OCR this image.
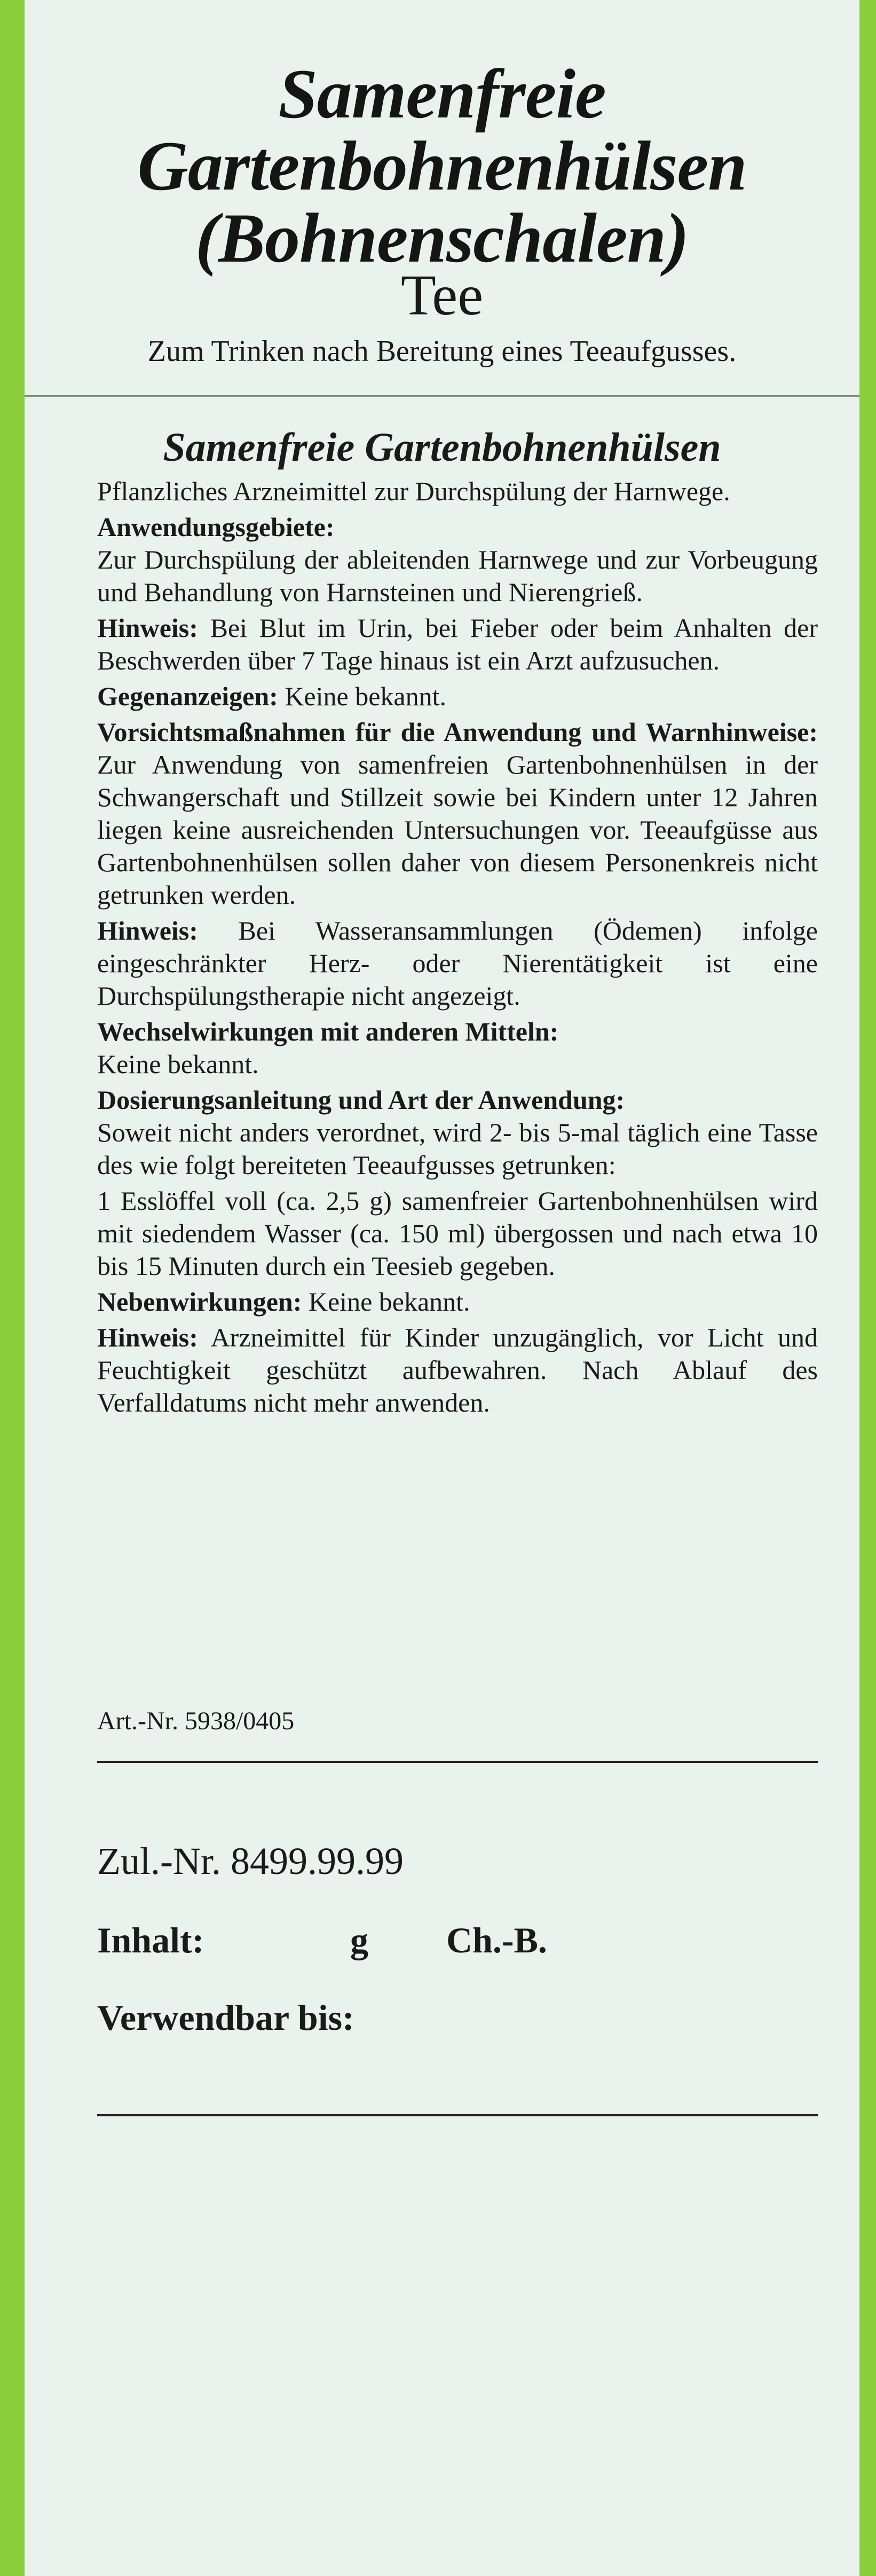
Samenfreie
Gartenbohnenhülsen
(Bohnenschalen)
Tee
Zum Trinken nach Bereitung eines Teeaufgusses.
Samenfreie Gartenbohnenhülsen

Pflanzliches Arzneimittel zur Durchspülung der Harnwege.

Anwendungsgebiete:
Zur Durchspülung der ableitenden Harnwege und zur Vorbeugung und Behandlung von Harnsteinen und Nierengrieß.

Hinweis: Bei Blut im Urin, bei Fieber oder beim Anhalten der Beschwerden über 7 Tage hinaus ist ein Arzt aufzusuchen.

Gegenanzeigen: Keine bekannt.

Vorsichtsmaßnahmen für die Anwendung und Warnhinweise: Zur Anwendung von samenfreien Gartenbohnenhülsen in der Schwangerschaft und Stillzeit sowie bei Kindern unter 12 Jahren liegen keine ausreichenden Untersuchungen vor. Teeaufgüsse aus Gartenbohnenhülsen sollen daher von diesem Personenkreis nicht getrunken werden.

Hinweis: Bei Wasseransammlungen (Ödemen) infolge eingeschränkter Herz- oder Nierentätigkeit ist eine Durchspülungstherapie nicht angezeigt.

Wechselwirkungen mit anderen Mitteln:
Keine bekannt.

Dosierungsanleitung und Art der Anwendung:
Soweit nicht anders verordnet, wird 2- bis 5-mal täglich eine Tasse des wie folgt bereiteten Teeaufgusses getrunken:

1 Esslöffel voll (ca. 2,5 g) samenfreier Gartenbohnenhülsen wird mit siedendem Wasser (ca. 150 ml) übergossen und nach etwa 10 bis 15 Minuten durch ein Teesieb gegeben.

Nebenwirkungen: Keine bekannt.

Hinweis: Arzneimittel für Kinder unzugänglich, vor Licht und Feuchtigkeit geschützt aufbewahren. Nach Ablauf des Verfalldatums nicht mehr anwenden.

Art.-Nr. 5938/0405
Zul.-Nr. 8499.99.99
Inhalt:	g Ch.-B.
Verwendbar bis:
